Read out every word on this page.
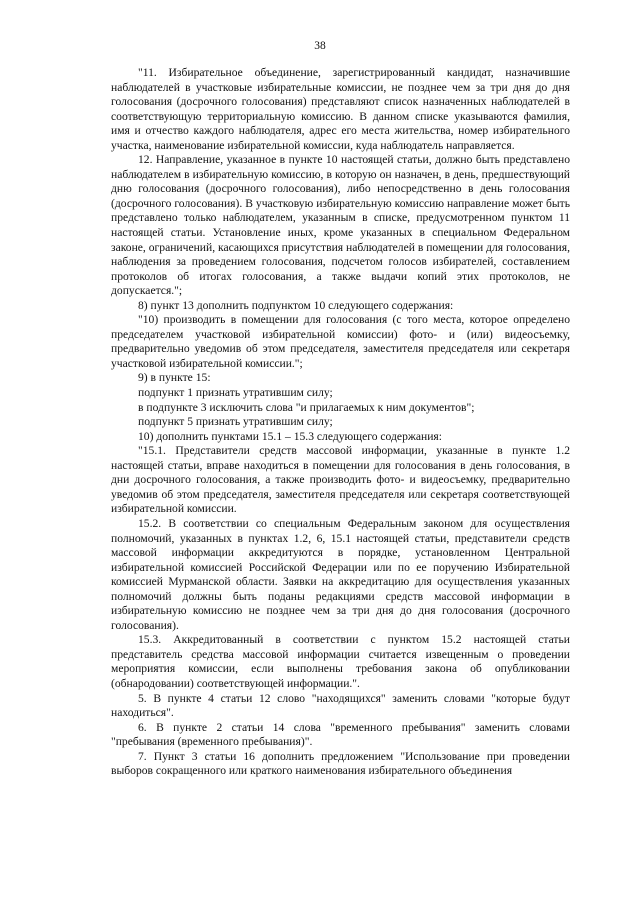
38

"11. Избирательное объединение, зарегистрированный кандидат, назначившие наблюдателей в участковые избирательные комиссии, не позднее чем за три дня до дня голосования (досрочного голосования) представляют список назначенных наблюдателей в соответствующую территориальную комиссию. В данном списке указываются фамилия, имя и отчество каждого наблюдателя, адрес его места жительства, номер избирательного участка, наименование избирательной комиссии, куда наблюдатель направляется.

12. Направление, указанное в пункте 10 настоящей статьи, должно быть представлено наблюдателем в избирательную комиссию, в которую он назначен, в день, предшествующий дню голосования (досрочного голосования), либо непосредственно в день голосования (досрочного голосования). В участковую избирательную комиссию направление может быть представлено только наблюдателем, указанным в списке, предусмотренном пунктом 11 настоящей статьи. Установление иных, кроме указанных в специальном Федеральном законе, ограничений, касающихся присутствия наблюдателей в помещении для голосования, наблюдения за проведением голосования, подсчетом голосов избирателей, составлением протоколов об итогах голосования, а также выдачи копий этих протоколов, не допускается.";

8) пункт 13 дополнить подпунктом 10 следующего содержания:

"10) производить в помещении для голосования (с того места, которое определено председателем участковой избирательной комиссии) фото- и (или) видеосъемку, предварительно уведомив об этом председателя, заместителя председателя или секретаря участковой избирательной комиссии.";

9) в пункте 15:

подпункт 1 признать утратившим силу;

в подпункте 3 исключить слова "и прилагаемых к ним документов";

подпункт 5 признать утратившим силу;

10) дополнить пунктами 15.1 – 15.3 следующего содержания:

"15.1. Представители средств массовой информации, указанные в пункте 1.2 настоящей статьи, вправе находиться в помещении для голосования в день голосования, в дни досрочного голосования, а также производить фото- и видеосъемку, предварительно уведомив об этом председателя, заместителя председателя или секретаря соответствующей избирательной комиссии.

15.2. В соответствии со специальным Федеральным законом для осуществления полномочий, указанных в пунктах 1.2, 6, 15.1 настоящей статьи, представители средств массовой информации аккредитуются в порядке, установленном Центральной избирательной комиссией Российской Федерации или по ее поручению Избирательной комиссией Мурманской области. Заявки на аккредитацию для осуществления указанных полномочий должны быть поданы редакциями средств массовой информации в избирательную комиссию не позднее чем за три дня до дня голосования (досрочного голосования).

15.3. Аккредитованный в соответствии с пунктом 15.2 настоящей статьи представитель средства массовой информации считается извещенным о проведении мероприятия комиссии, если выполнены требования закона об опубликовании (обнародовании) соответствующей информации.".

5. В пункте 4 статьи 12 слово "находящихся" заменить словами "которые будут находиться".

6. В пункте 2 статьи 14 слова "временного пребывания" заменить словами "пребывания (временного пребывания)".

7. Пункт 3 статьи 16 дополнить предложением "Использование при проведении выборов сокращенного или краткого наименования избирательного объединения
